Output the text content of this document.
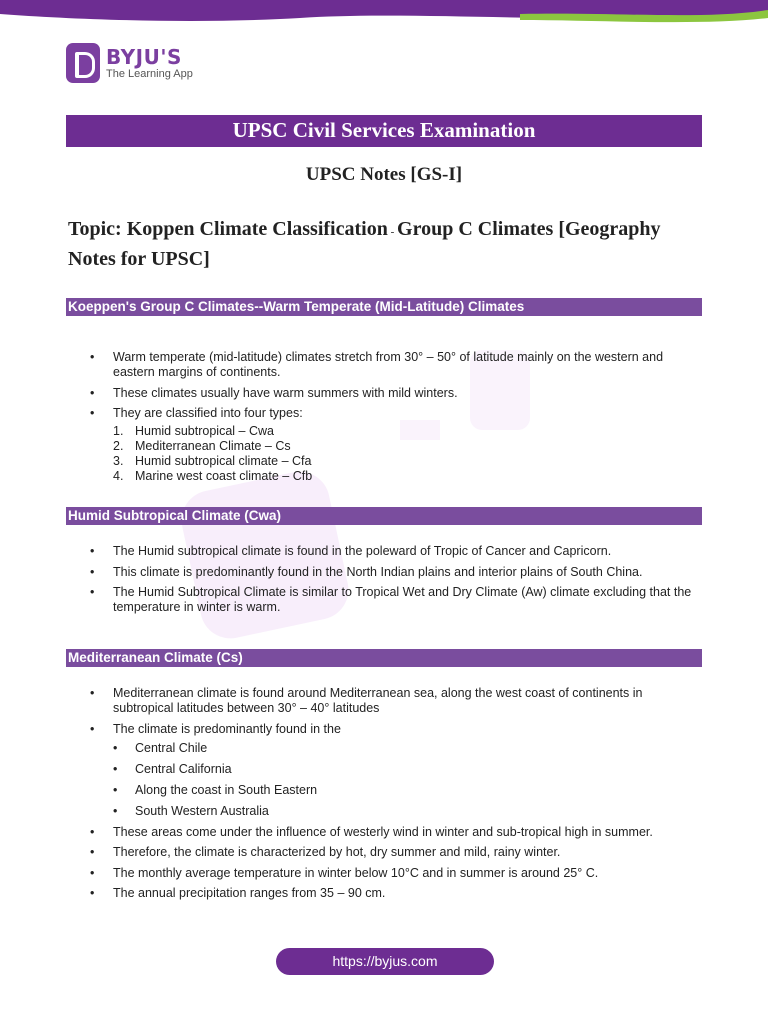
BYJU'S
The Learning App
UPSC Civil Services Examination
UPSC Notes [GS-I]
Topic: Koppen Climate Classification - Group C Climates [Geography Notes for UPSC]
Koeppen's Group C Climates--Warm Temperate (Mid-Latitude) Climates
• Warm temperate (mid-latitude) climates stretch from 30° – 50° of latitude mainly on the western and eastern margins of continents.
• These climates usually have warm summers with mild winters.
• They are classified into four types:
1. Humid subtropical – Cwa
2. Mediterranean Climate – Cs
3. Humid subtropical climate – Cfa
4. Marine west coast climate – Cfb
Humid Subtropical Climate (Cwa)
• The Humid subtropical climate is found in the poleward of Tropic of Cancer and Capricorn.
• This climate is predominantly found in the North Indian plains and interior plains of South China.
• The Humid Subtropical Climate is similar to Tropical Wet and Dry Climate (Aw) climate excluding that the temperature in winter is warm.
Mediterranean Climate (Cs)
• Mediterranean climate is found around Mediterranean sea, along the west coast of continents in subtropical latitudes between 30° – 40° latitudes
• The climate is predominantly found in the
• Central Chile
• Central California
• Along the coast in South Eastern
• South Western Australia
• These areas come under the influence of westerly wind in winter and sub-tropical high in summer.
• Therefore, the climate is characterized by hot, dry summer and mild, rainy winter.
• The monthly average temperature in winter below 10°C and in summer is around 25° C.
• The annual precipitation ranges from 35 – 90 cm.
https://byjus.com
